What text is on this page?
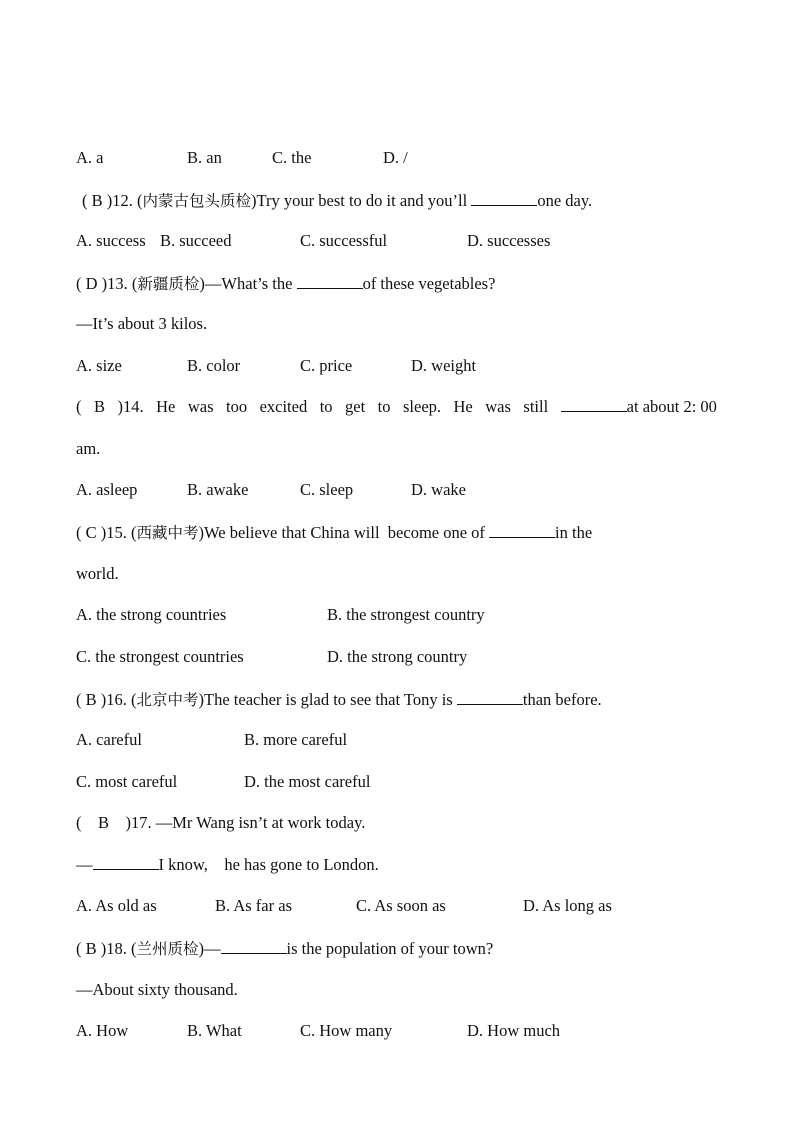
A. a	B. an	C. the	D. /
( B )12. (内蒙古包头质检)Try your best to do it and you’ll	one day.
A. success B. succeed	C. successful	D. successes
( D )13. (新疆质检)—What’s the	of these vegetables?
—It’s about 3 kilos.
A. size	B. color	C. price	D. weight
( B )14. He was too excited to get to sleep. He was still	at about 2: 00
am.
A. asleep	B. awake	C. sleep	D. wake
( C )15. (西藏中考)We believe that China will  become one of	in the
world.
A. the strong countries	B. the strongest country
C. the strongest countries	D. the strong country
( B )16. (北京中考)The teacher is glad to see that Tony is	than before.
A. careful	B. more careful
C. most careful	D. the most careful
(    B    )17. —Mr Wang isn’t at work today.
—	I know,    he has gone to London.
A. As old as	B. As far as	C. As soon as	D. As long as
( B )18. (兰州质检)—	is the population of your town?
—About sixty thousand.
A. How	B. What	C. How many	D. How much
